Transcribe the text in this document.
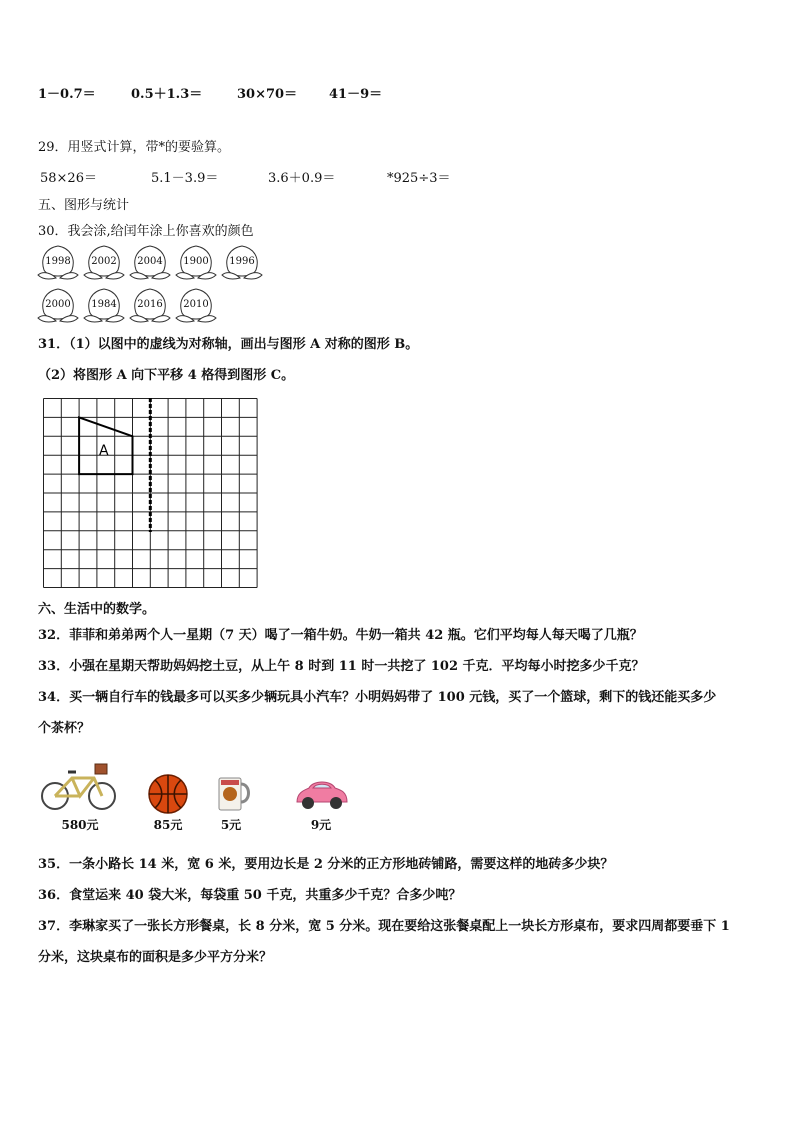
1－0.7＝	0.5＋1.3＝	30×70＝ 41－9＝
29．用竖式计算，带*的要验算。
58×26＝	5.1－3.9＝	3.6＋0.9＝	*925÷3＝
五、图形与统计
30．我会涂,给闰年涂上你喜欢的颜色
1998	2002	2004	1900	1996
2000	1984	2016	2010
31．（1）以图中的虚线为对称轴，画出与图形 A 对称的图形 B。
（2）将图形 A 向下平移 4 格得到图形 C。
A
六、生活中的数学。
32．菲菲和弟弟两个人一星期（7 天）喝了一箱牛奶。牛奶一箱共 42 瓶。它们平均每人每天喝了几瓶？
33．小强在星期天帮助妈妈挖土豆，从上午 8 时到 11 时一共挖了 102 千克．平均每小时挖多少千克？
34．买一辆自行车的钱最多可以买多少辆玩具小汽车？小明妈妈带了 100 元钱，买了一个篮球，剩下的钱还能买多少
个茶杯？
580元	85元	5元	9元
35．一条小路长 14 米，宽 6 米，要用边长是 2 分米的正方形地砖铺路，需要这样的地砖多少块？
36．食堂运来 40 袋大米，每袋重 50 千克，共重多少千克？合多少吨？
37．李琳家买了一张长方形餐桌，长 8 分米，宽 5 分米。现在要给这张餐桌配上一块长方形桌布，要求四周都要垂下 1
分米，这块桌布的面积是多少平方分米？
